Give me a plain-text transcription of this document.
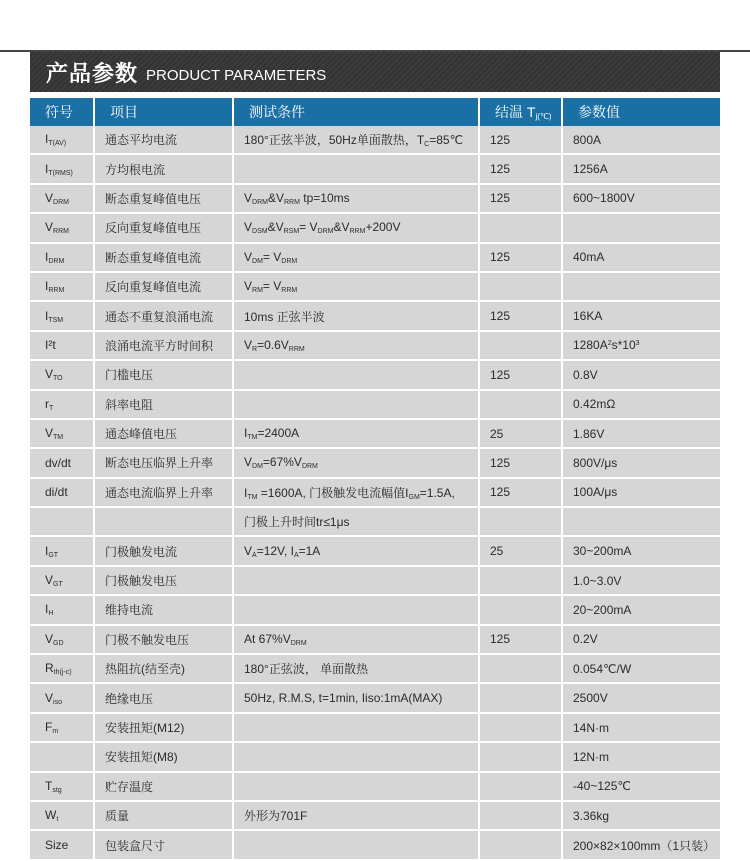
产品参数 PRODUCT PARAMETERS
符号	项目	测试条件	结温 $T_{j(℃)}$	参数值
$I_{T(AV)}$	通态平均电流	180°正弦半波，50Hz单面散热，$T_C=85℃$	125	800A
$I_{T(RMS)}$	方均根电流		125	1256A
$V_{DRM}$	断态重复峰值电压	$V_{DRM}\&V_{RRM}$ tp=10ms	125	600~1800V
$V_{RRM}$	反向重复峰值电压	$V_{DSM}\&V_{RSM}=$ $V_{DRM}\&V_{RRM}+200V$		
$I_{DRM}$	断态重复峰值电流	$V_{DM}= V_{DRM}$	125	40mA
$I_{RRM}$	反向重复峰值电流	$V_{RM}= V_{RRM}$		
$I_{TSM}$	通态不重复浪涌电流	10ms 正弦半波	125	16KA
I²t	浪涌电流平方时间积	$V_R=0.6V_{RRM}$		$1280A^2s*10^3$
$V_{TO}$	门槛电压		125	0.8V
$r_T$	斜率电阻			0.42mΩ
$V_{TM}$	通态峰值电压	$I_{TM}=2400A$	25	1.86V
dv/dt	断态电压临界上升率	$V_{DM}=67\%V_{DRM}$	125	800V/μs
di/dt	通态电流临界上升率	$I_{TM} =1600A$, 门极触发电流幅值$I_{GM}=1.5A$,	125	100A/μs
		门极上升时间tr≤1μs		
$I_{GT}$	门极触发电流	$V_A=12V$, $I_A=1A$	25	30~200mA
$V_{GT}$	门极触发电压			1.0~3.0V
$I_H$	维持电流			20~200mA
$V_{GD}$	门极不触发电压	At $67\%V_{DRM}$	125	0.2V
$R_{th(j-c)}$	热阻抗(结至壳)	180°正弦波， 单面散热		0.054℃/W
$V_{iso}$	绝缘电压	50Hz, R.M.S, t=1min, Iiso:1mA(MAX)		2500V
$F_m$	安装扭矩(M12)			14N·m
	安装扭矩(M8)			12N·m
$T_{stg}$	贮存温度			-40~125℃
$W_t$	质量	外形为701F		3.36kg
Size	包装盒尺寸			200×82×100mm（1只装）
